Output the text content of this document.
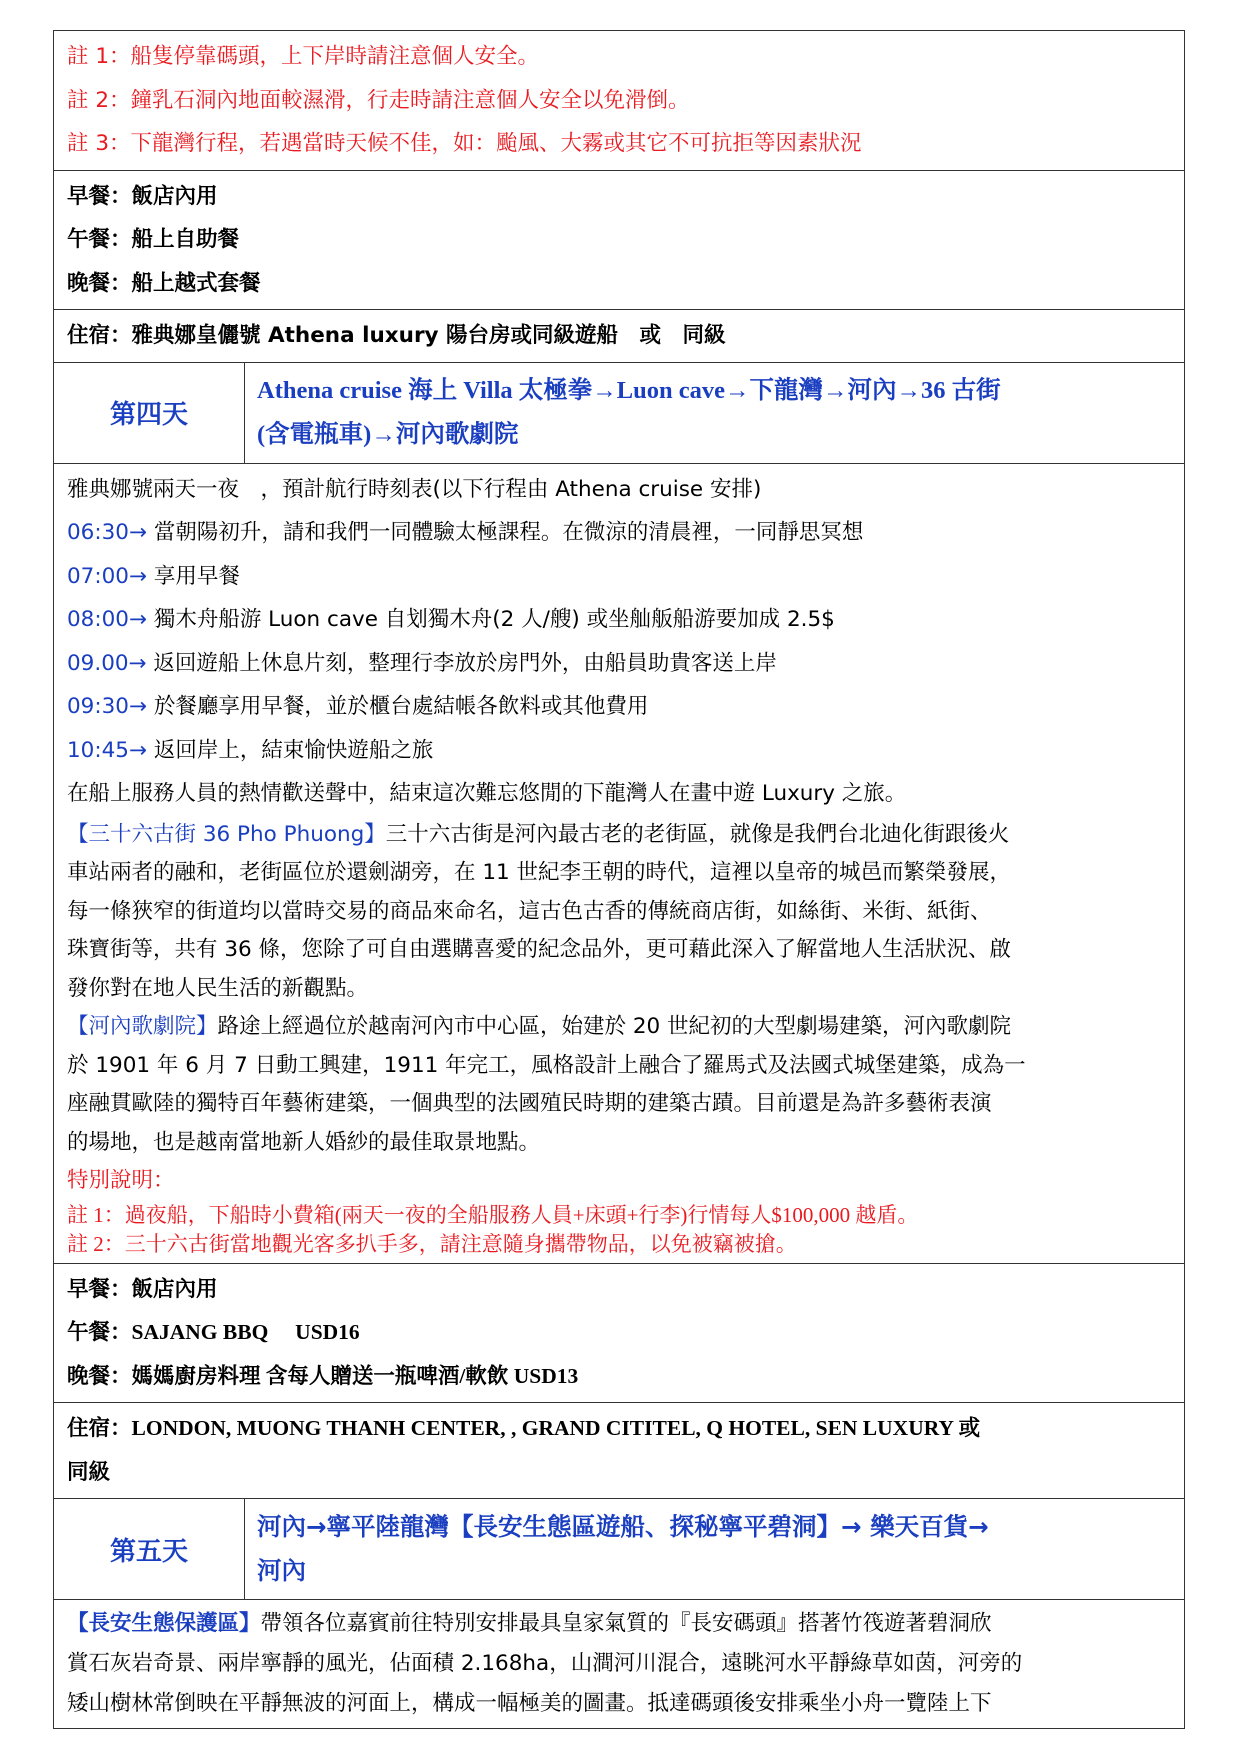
註 1：船隻停靠碼頭，上下岸時請注意個人安全。
註 2：鐘乳石洞內地面較濕滑，行走時請注意個人安全以免滑倒。
註 3：下龍灣行程，若遇當時天候不佳，如：颱風、大霧或其它不可抗拒等因素狀況
早餐：飯店內用
午餐：船上自助餐
晚餐：船上越式套餐
住宿：雅典娜皇儷號 Athena luxury 陽台房或同級遊船　或　同級
第四天
Athena cruise 海上 Villa 太極拳→Luon cave→下龍灣→河內→36 古街
(含電瓶車)→河內歌劇院
雅典娜號兩天一夜　，預計航行時刻表(以下行程由 Athena cruise 安排)
06:30→ 當朝陽初升，請和我們一同體驗太極課程。在微涼的清晨裡，一同靜思冥想
07:00→ 享用早餐
08:00→ 獨木舟船游 Luon cave 自划獨木舟(2 人/艘) 或坐舢舨船游要加成 2.5$
09.00→ 返回遊船上休息片刻，整理行李放於房門外，由船員助貴客送上岸
09:30→ 於餐廳享用早餐，並於櫃台處結帳各飲料或其他費用
10:45→ 返回岸上，結束愉快遊船之旅
在船上服務人員的熱情歡送聲中，結束這次難忘悠閒的下龍灣人在畫中遊 Luxury 之旅。
【三十六古街 36 Pho Phuong】三十六古街是河內最古老的老街區，就像是我們台北迪化街跟後火
車站兩者的融和，老街區位於還劍湖旁，在 11 世紀李王朝的時代，這裡以皇帝的城邑而繁榮發展，
每一條狹窄的街道均以當時交易的商品來命名，這古色古香的傳統商店街，如絲街、米街、紙街、
珠寶街等，共有 36 條，您除了可自由選購喜愛的紀念品外，更可藉此深入了解當地人生活狀況、啟
發你對在地人民生活的新觀點。
【河內歌劇院】路途上經過位於越南河內市中心區，始建於 20 世紀初的大型劇場建築，河內歌劇院
於 1901 年 6 月 7 日動工興建，1911 年完工，風格設計上融合了羅馬式及法國式城堡建築，成為一
座融貫歐陸的獨特百年藝術建築，一個典型的法國殖民時期的建築古蹟。目前還是為許多藝術表演
的場地，也是越南當地新人婚紗的最佳取景地點。
特別說明：
註 1：過夜船，下船時小費箱(兩天一夜的全船服務人員+床頭+行李)行情每人$100,000 越盾。
註 2：三十六古街當地觀光客多扒手多，請注意隨身攜帶物品，以免被竊被搶。
早餐：飯店內用
午餐：SAJANG BBQ　 USD16
晚餐：媽媽廚房料理 含每人贈送一瓶啤酒/軟飲 USD13
住宿：LONDON, MUONG THANH CENTER, , GRAND CITITEL, Q HOTEL, SEN LUXURY 或
同級
第五天
河內→寧平陸龍灣【長安生態區遊船、探秘寧平碧洞】→ 樂天百貨→
河內
【長安生態保護區】帶領各位嘉賓前往特別安排最具皇家氣質的『長安碼頭』搭著竹筏遊著碧洞欣
賞石灰岩奇景、兩岸寧靜的風光，佔面積 2.168ha，山澗河川混合，遠眺河水平靜綠草如茵，河旁的
矮山樹林常倒映在平靜無波的河面上，構成一幅極美的圖畫。抵達碼頭後安排乘坐小舟一覽陸上下
